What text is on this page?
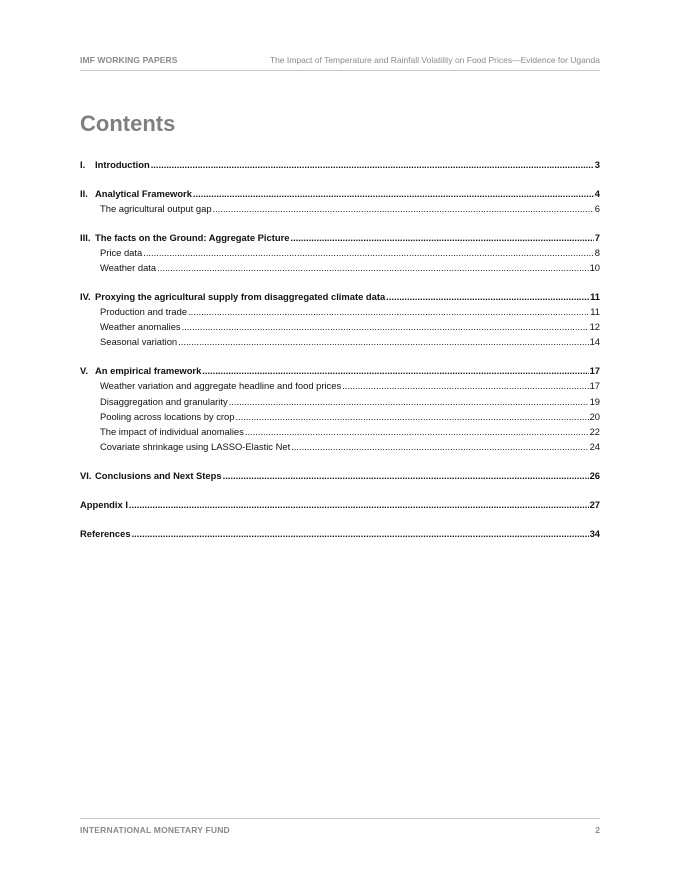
IMF WORKING PAPERS	The Impact of Temperature and Rainfall Volatility on Food Prices—Evidence for Uganda
Contents
I. Introduction .....	3
II. Analytical Framework .....	4
The agricultural output gap .....	6
III. The facts on the Ground: Aggregate Picture .....	7
Price data .....	8
Weather data .....	10
IV. Proxying the agricultural supply from disaggregated climate data .....	11
Production and trade .....	11
Weather anomalies .....	12
Seasonal variation .....	14
V. An empirical framework .....	17
Weather variation and aggregate headline and food prices .....	17
Disaggregation and granularity .....	19
Pooling across locations by crop .....	20
The impact of individual anomalies .....	22
Covariate shrinkage using LASSO-Elastic Net .....	24
VI. Conclusions and Next Steps .....	26
Appendix I .....	27
References .....	34
INTERNATIONAL MONETARY FUND	2
